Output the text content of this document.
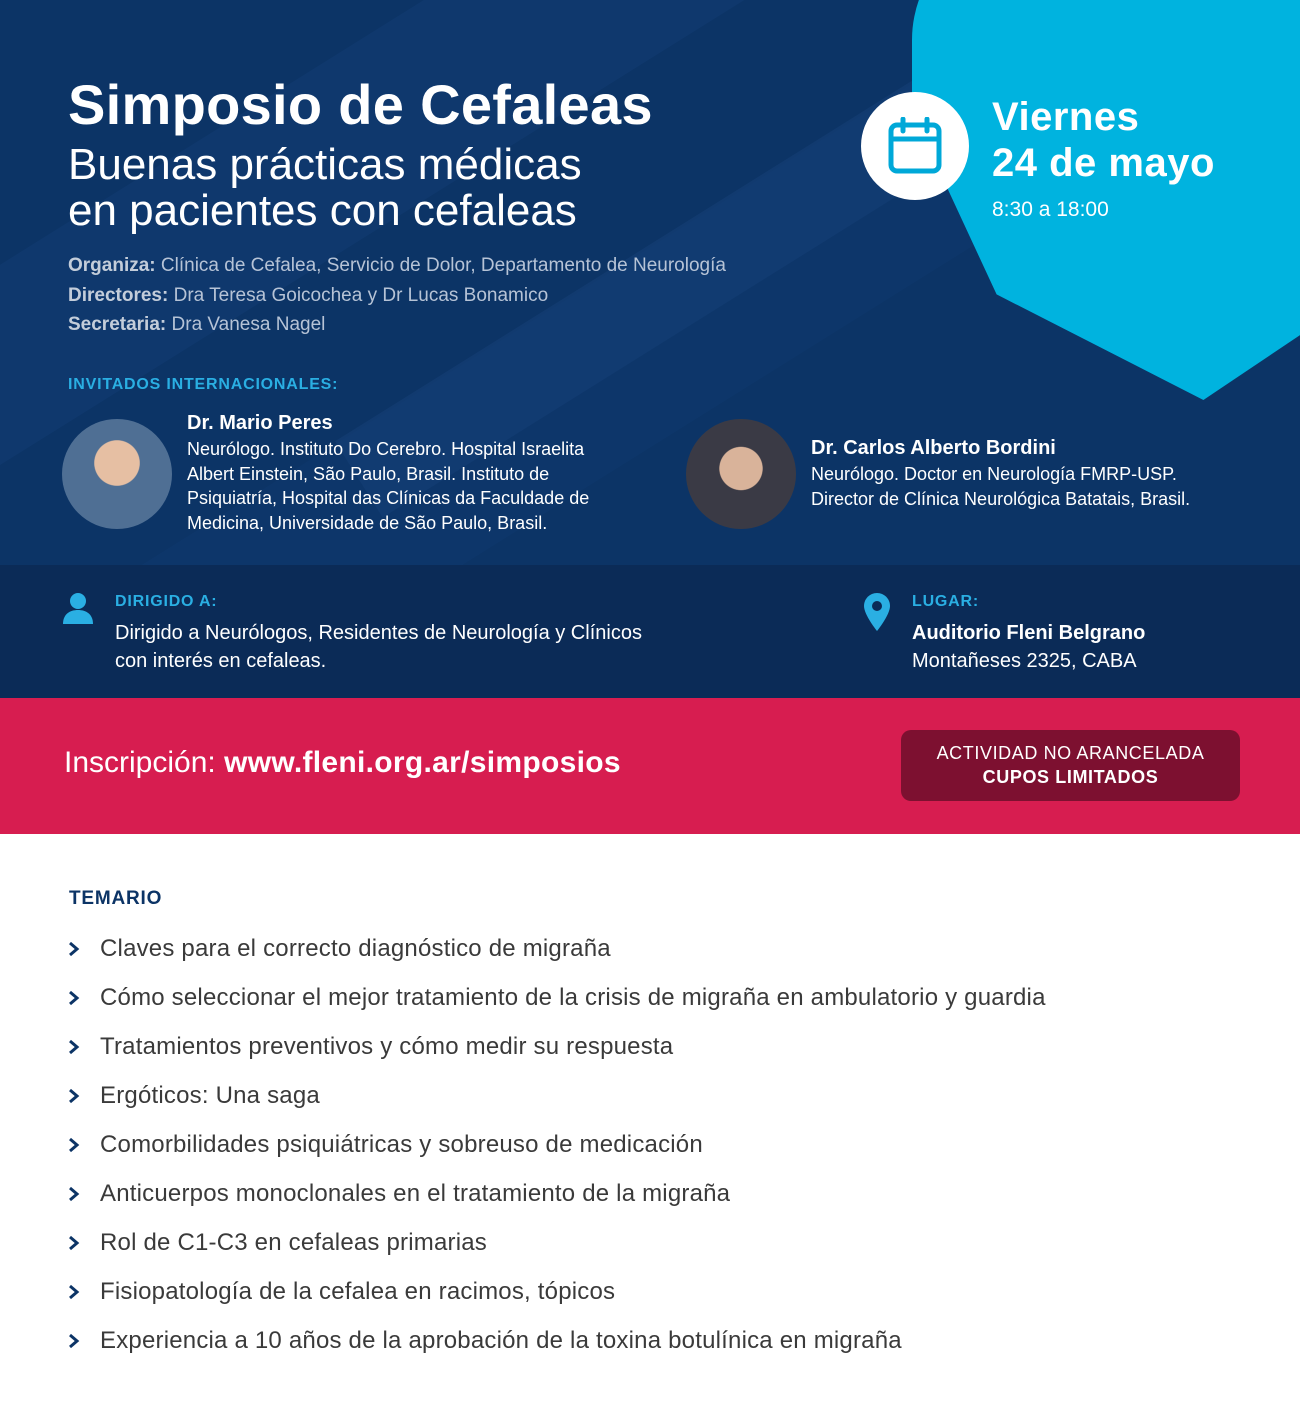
Viernes
24 de mayo
8:30 a 18:00
Simposio de Cefaleas
Buenas prácticas médicas
en pacientes con cefaleas
Organiza: Clínica de Cefalea, Servicio de Dolor, Departamento de Neurología
Directores: Dra Teresa Goicochea y Dr Lucas Bonamico
Secretaria: Dra Vanesa Nagel
INVITADOS INTERNACIONALES:
Dr. Mario Peres
Neurólogo. Instituto Do Cerebro. Hospital Israelita
Albert Einstein, São Paulo, Brasil. Instituto de
Psiquiatría, Hospital das Clínicas da Faculdade de
Medicina, Universidade de São Paulo, Brasil.
Dr. Carlos Alberto Bordini
Neurólogo. Doctor en Neurología FMRP-USP.
Director de Clínica Neurológica Batatais, Brasil.
DIRIGIDO A:
Dirigido a Neurólogos, Residentes de Neurología y Clínicos
con interés en cefaleas.
LUGAR:
Auditorio Fleni Belgrano
Montañeses 2325, CABA
Inscripción: www.fleni.org.ar/simposios	ACTIVIDAD NO ARANCELADA
CUPOS LIMITADOS
TEMARIO
Claves para el correcto diagnóstico de migraña
Cómo seleccionar el mejor tratamiento de la crisis de migraña en ambulatorio y guardia
Tratamientos preventivos y cómo medir su respuesta
Ergóticos: Una saga
Comorbilidades psiquiátricas y sobreuso de medicación
Anticuerpos monoclonales en el tratamiento de la migraña
Rol de C1-C3 en cefaleas primarias
Fisiopatología de la cefalea en racimos, tópicos
Experiencia a 10 años de la aprobación de la toxina botulínica en migraña
